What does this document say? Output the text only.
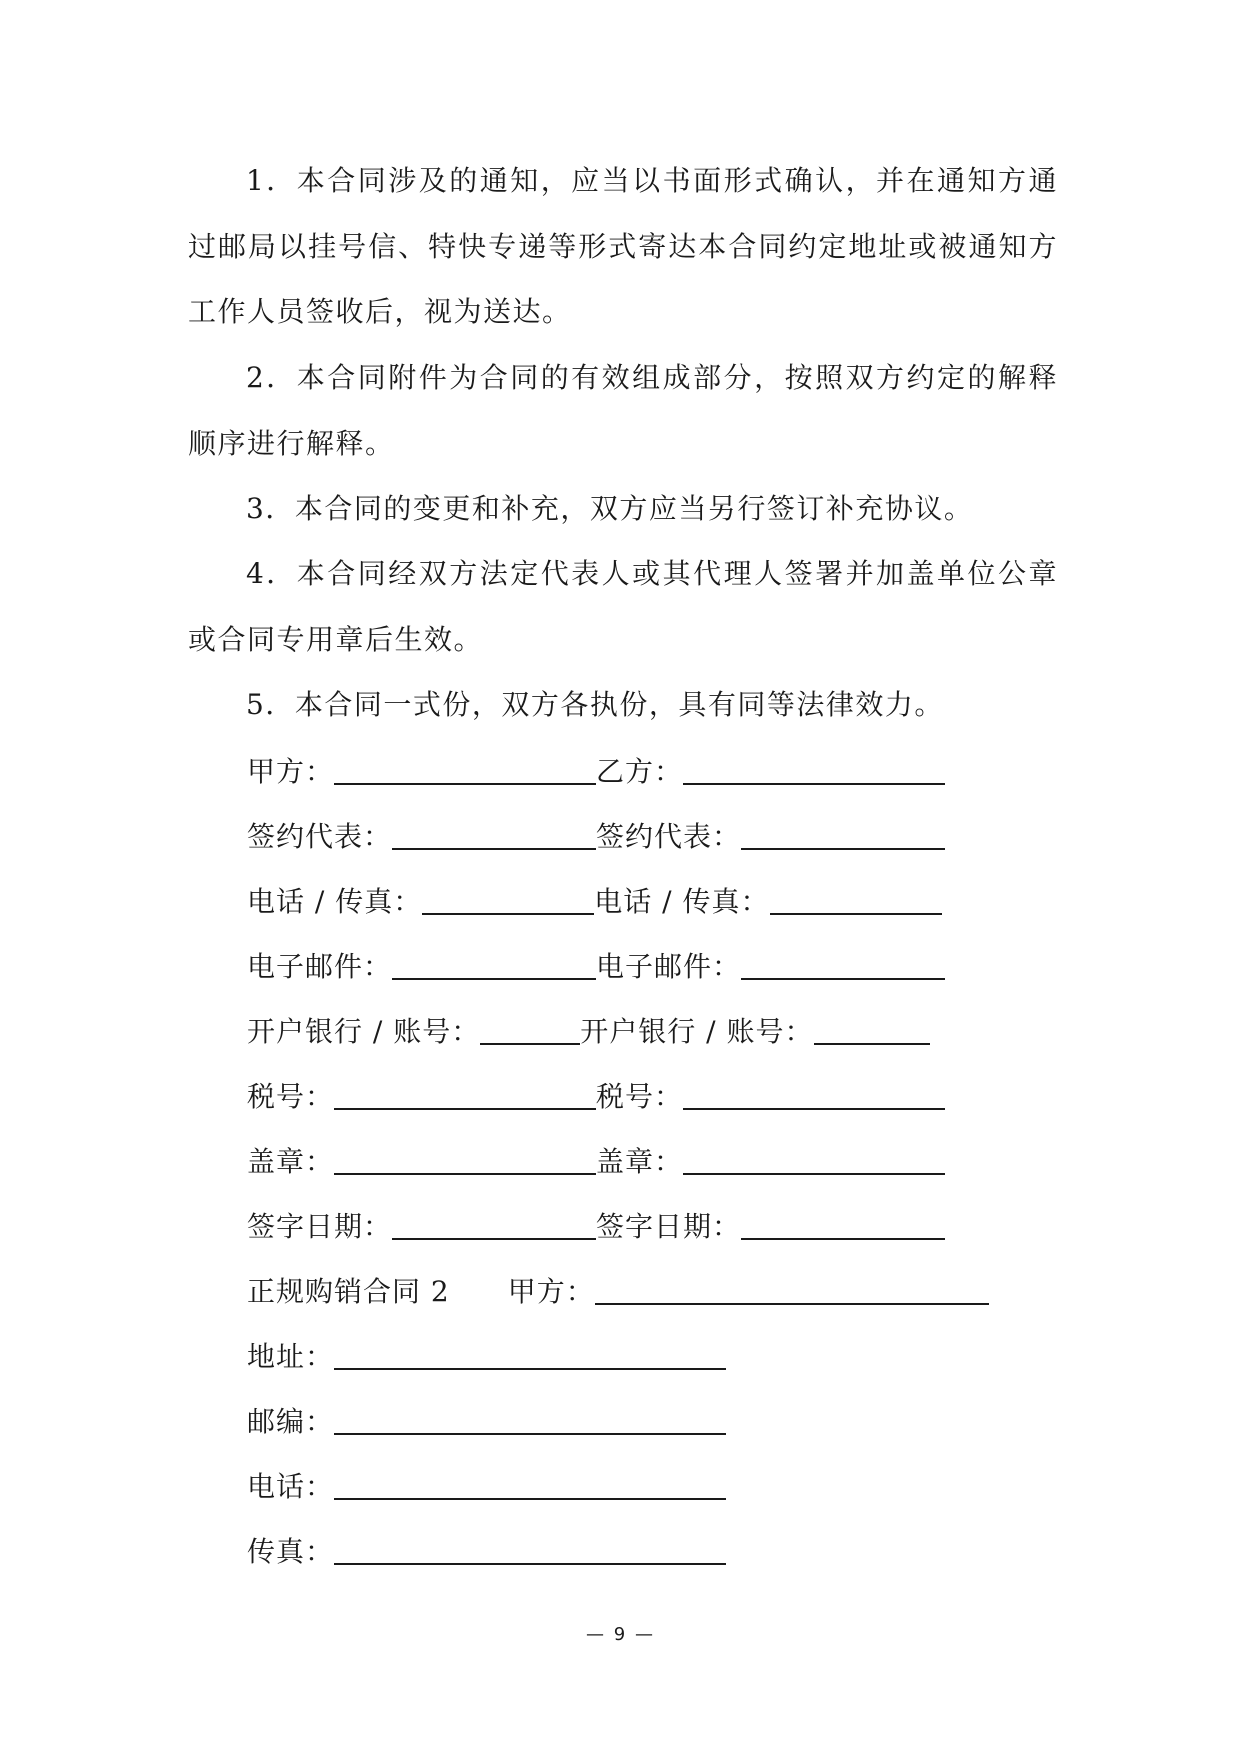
1．本合同涉及的通知，应当以书面形式确认，并在通知方通过邮局以挂号信、特快专递等形式寄达本合同约定地址或被通知方工作人员签收后，视为送达。

2．本合同附件为合同的有效组成部分，按照双方约定的解释顺序进行解释。

3．本合同的变更和补充，双方应当另行签订补充协议。

4．本合同经双方法定代表人或其代理人签署并加盖单位公章或合同专用章后生效。

5．本合同一式份，双方各执份，具有同等法律效力。

甲方：	乙方：
签约代表：	签约代表：
电话 / 传真：	电话 / 传真：
电子邮件：	电子邮件：
开户银行 / 账号：	开户银行 / 账号：
税号：	税号：
盖章：	盖章：
签字日期：	签字日期：
正规购销合同 2 甲方：
地址：
邮编：
电话：
传真：
— 9 —
